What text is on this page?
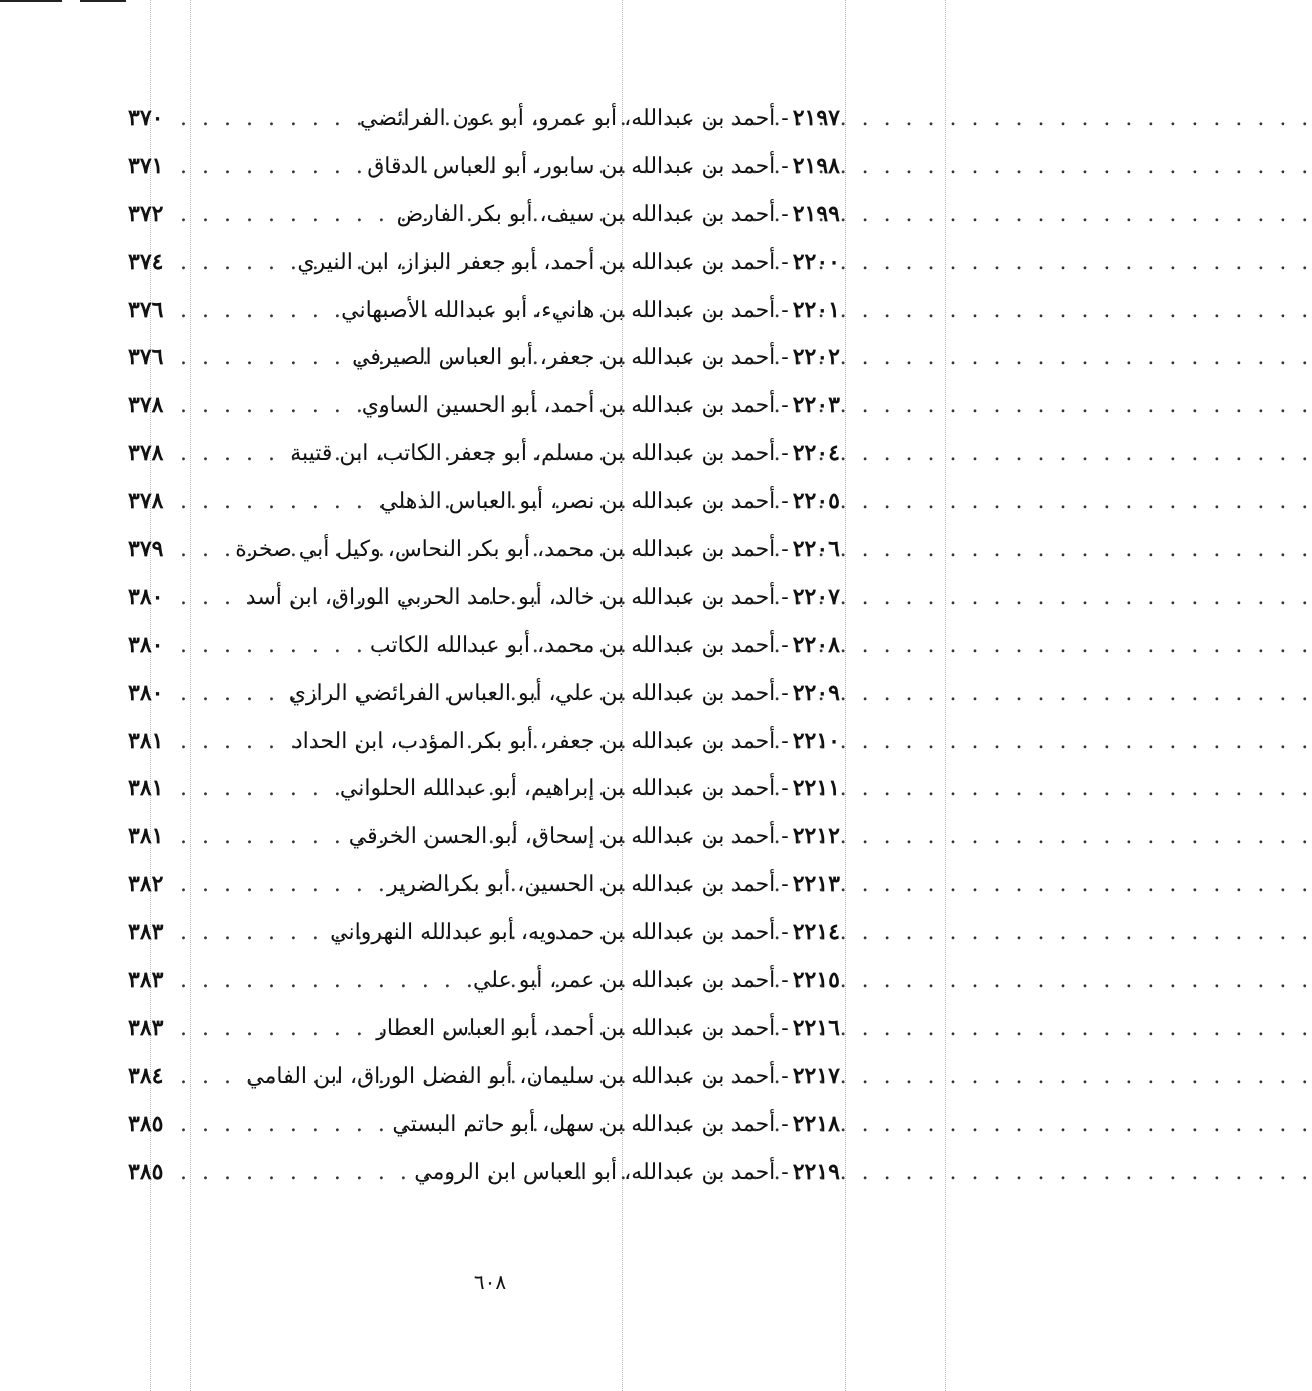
٢١٩٧
-
أحمد بن عبدالله، أبو عمرو، أبو عون الفرائضي
. . .
٣٧٠
٢١٩٨
-
أحمد بن عبدالله بن سابور، أبو العباس الدقاق
. . .
٣٧١
٢١٩٩
-
أحمد بن عبدالله بن سيف، أبو بكر الفارض
. . .
٣٧٢
٢٢٠٠
-
أحمد بن عبدالله بن أحمد، أبو جعفر البزاز، ابن النيري
. . .
٣٧٤
٢٢٠١
-
أحمد بن عبدالله بن هانيء، أبو عبدالله الأصبهاني
. . .
٣٧٦
٢٢٠٢
-
أحمد بن عبدالله بن جعفر، أبو العباس الصيرفي
. . .
٣٧٦
٢٢٠٣
-
أحمد بن عبدالله بن أحمد، أبو الحسين الساوي
. . .
٣٧٨
٢٢٠٤
-
أحمد بن عبدالله بن مسلم، أبو جعفر الكاتب، ابن قتيبة
. . .
٣٧٨
٢٢٠٥
-
أحمد بن عبدالله بن نصر، أبو العباس الذهلي
. . .
٣٧٨
٢٢٠٦
-
أحمد بن عبدالله بن محمد، أبو بكر النحاس، وكيل أبي صخرة
. . .
٣٧٩
٢٢٠٧
-
أحمد بن عبدالله بن خالد، أبو حامد الحربي الوراق، ابن أسد
. . .
٣٨٠
٢٢٠٨
-
أحمد بن عبدالله بن محمد، أبو عبدالله الكاتب
. . .
٣٨٠
٢٢٠٩
-
أحمد بن عبدالله بن علي، أبو العباس الفرائضي الرازي
. . .
٣٨٠
٢٢١٠
-
أحمد بن عبدالله بن جعفر، أبو بكر المؤدب، ابن الحداد
. . .
٣٨١
٢٢١١
-
أحمد بن عبدالله بن إبراهيم، أبو عبدالله الحلواني
. . .
٣٨١
٢٢١٢
-
أحمد بن عبدالله بن إسحاق، أبو الحسن الخرقي
. . .
٣٨١
٢٢١٣
-
أحمد بن عبدالله بن الحسين، أبو بكرالضرير
. . .
٣٨٢
٢٢١٤
-
أحمد بن عبدالله بن حمدويه، أبو عبدالله النهرواني
. . .
٣٨٣
٢٢١٥
-
أحمد بن عبدالله بن عمر، أبو علي
. . .
٣٨٣
٢٢١٦
-
أحمد بن عبدالله بن أحمد، أبو العباس العطار
. . .
٣٨٣
٢٢١٧
-
أحمد بن عبدالله بن سليمان، أبو الفضل الوراق، ابن الفامي
. . .
٣٨٤
٢٢١٨
-
أحمد بن عبدالله بن سهل، أبو حاتم البستي
. . .
٣٨٥
٢٢١٩
-
أحمد بن عبدالله، أبو العباس ابن الرومي
. . .
٣٨٥
٦٠٨
